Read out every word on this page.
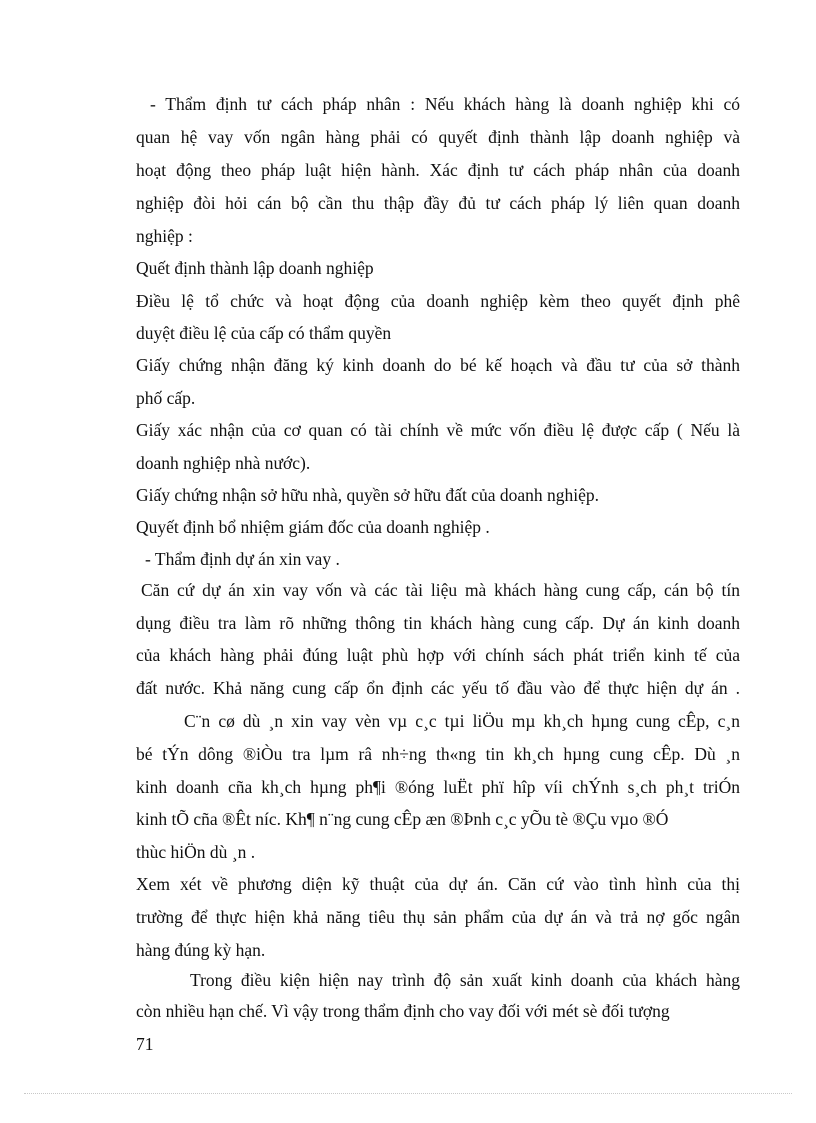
- Thẩm định tư cách pháp nhân : Nếu khách hàng là doanh nghiệp khi có
quan hệ vay vốn ngân hàng phải có quyết định thành lập doanh nghiệp và
hoạt động theo pháp luật hiện hành. Xác định tư cách pháp nhân của doanh
nghiệp đòi hỏi cán bộ cần thu thập đầy đủ tư cách pháp lý liên quan doanh
nghiệp :
Quết định thành lập doanh nghiệp
Điều lệ tổ chức và hoạt động của doanh nghiệp kèm theo quyết định phê
duyệt điều lệ của cấp có thẩm quyền
Giấy chứng nhận đăng ký kinh doanh do bé kế hoạch và đầu tư của sở thành
phố cấp.
Giấy xác nhận của cơ quan có tài chính về mức vốn điều lệ được cấp ( Nếu là
doanh nghiệp nhà nước).
Giấy chứng nhận sở hữu nhà, quyền sở hữu đất của doanh nghiệp.
Quyết định bổ nhiệm giám đốc của doanh nghiệp .
- Thẩm định dự án xin vay .
Căn cứ dự án xin vay vốn và các tài liệu mà khách hàng cung cấp, cán bộ tín
dụng điều tra làm rõ những thông tin khách hàng cung cấp. Dự án kinh doanh
của khách hàng phải đúng luật phù hợp với chính sách phát triển kinh tế của
đất nước. Khả năng cung cấp ổn định các yếu tố đầu vào để thực hiện dự án .
C¨n cø dù ¸n xin vay vèn vµ c¸c tµi liÖu mµ kh¸ch hµng cung cÊp, c¸n
bé tÝn dông ®iÒu tra lµm râ nh÷ng th«ng tin kh¸ch hµng cung cÊp. Dù ¸n
kinh doanh cña kh¸ch hµng ph¶i ®óng luËt phï hîp víi chÝnh s¸ch ph¸t triÓn
kinh tÕ cña ®Êt níc. Kh¶ n¨ng cung cÊp æn ®Þnh c¸c yÕu tè ®Çu vµo ®Ó
thùc hiÖn dù ¸n .
Xem xét về phương diện kỹ thuật của dự án. Căn cứ vào tình hình của thị
trường để thực hiện khả năng tiêu thụ sản phẩm của dự án và trả nợ gốc ngân
hàng đúng kỳ hạn.
Trong điều kiện hiện nay trình độ sản xuất kinh doanh của khách hàng
còn nhiều hạn chế. Vì vậy trong thẩm định cho vay đối với mét sè đối tượng
71
